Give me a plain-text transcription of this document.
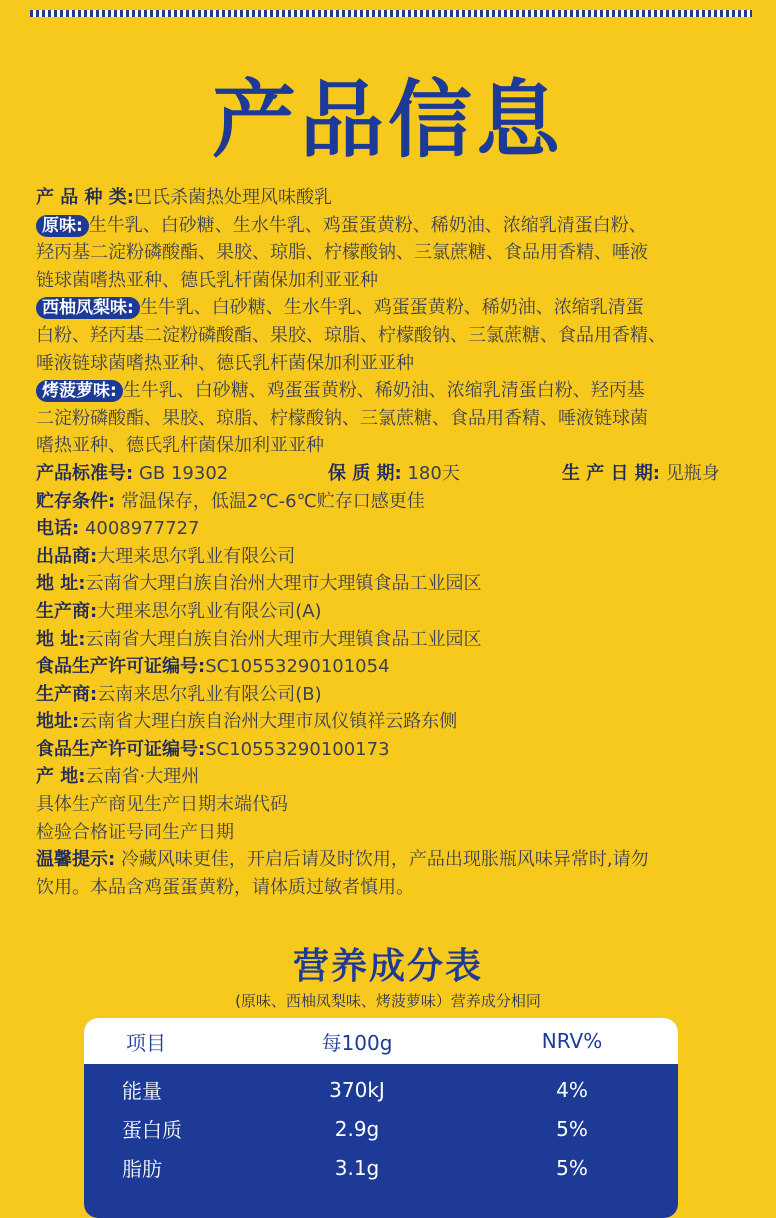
产品信息
产 品 种 类:巴氏杀菌热处理风味酸乳
原味: 生牛乳、白砂糖、生水牛乳、鸡蛋蛋黄粉、稀奶油、浓缩乳清蛋白粉、
羟丙基二淀粉磷酸酯、果胶、琼脂、柠檬酸钠、三氯蔗糖、食品用香精、唾液
链球菌嗜热亚种、德氏乳杆菌保加利亚亚种
西柚凤梨味: 生牛乳、白砂糖、生水牛乳、鸡蛋蛋黄粉、稀奶油、浓缩乳清蛋
白粉、羟丙基二淀粉磷酸酯、果胶、琼脂、柠檬酸钠、三氯蔗糖、食品用香精、
唾液链球菌嗜热亚种、德氏乳杆菌保加利亚亚种
烤菠萝味: 生牛乳、白砂糖、鸡蛋蛋黄粉、稀奶油、浓缩乳清蛋白粉、羟丙基
二淀粉磷酸酯、果胶、琼脂、柠檬酸钠、三氯蔗糖、食品用香精、唾液链球菌
嗜热亚种、德氏乳杆菌保加利亚亚种
产品标准号: GB 19302	保 质 期: 180天	生 产 日 期: 见瓶身
贮存条件: 常温保存，低温2℃-6℃贮存口感更佳
电话: 4008977727
出品商:大理来思尔乳业有限公司
地 址:云南省大理白族自治州大理市大理镇食品工业园区
生产商:大理来思尔乳业有限公司(A)
地 址:云南省大理白族自治州大理市大理镇食品工业园区
食品生产许可证编号:SC10553290101054
生产商:云南来思尔乳业有限公司(B)
地址:云南省大理白族自治州大理市凤仪镇祥云路东侧
食品生产许可证编号:SC10553290100173
产 地:云南省·大理州
具体生产商见生产日期末端代码
检验合格证号同生产日期
温馨提示: 冷藏风味更佳，开启后请及时饮用，产品出现胀瓶风味异常时,请勿
饮用。本品含鸡蛋蛋黄粉，请体质过敏者慎用。
营养成分表
(原味、西柚凤梨味、烤菠萝味）营养成分相同
项目	每100g	NRV%
能量	370kJ	4%
蛋白质	2.9g	5%
脂肪	3.1g	5%
